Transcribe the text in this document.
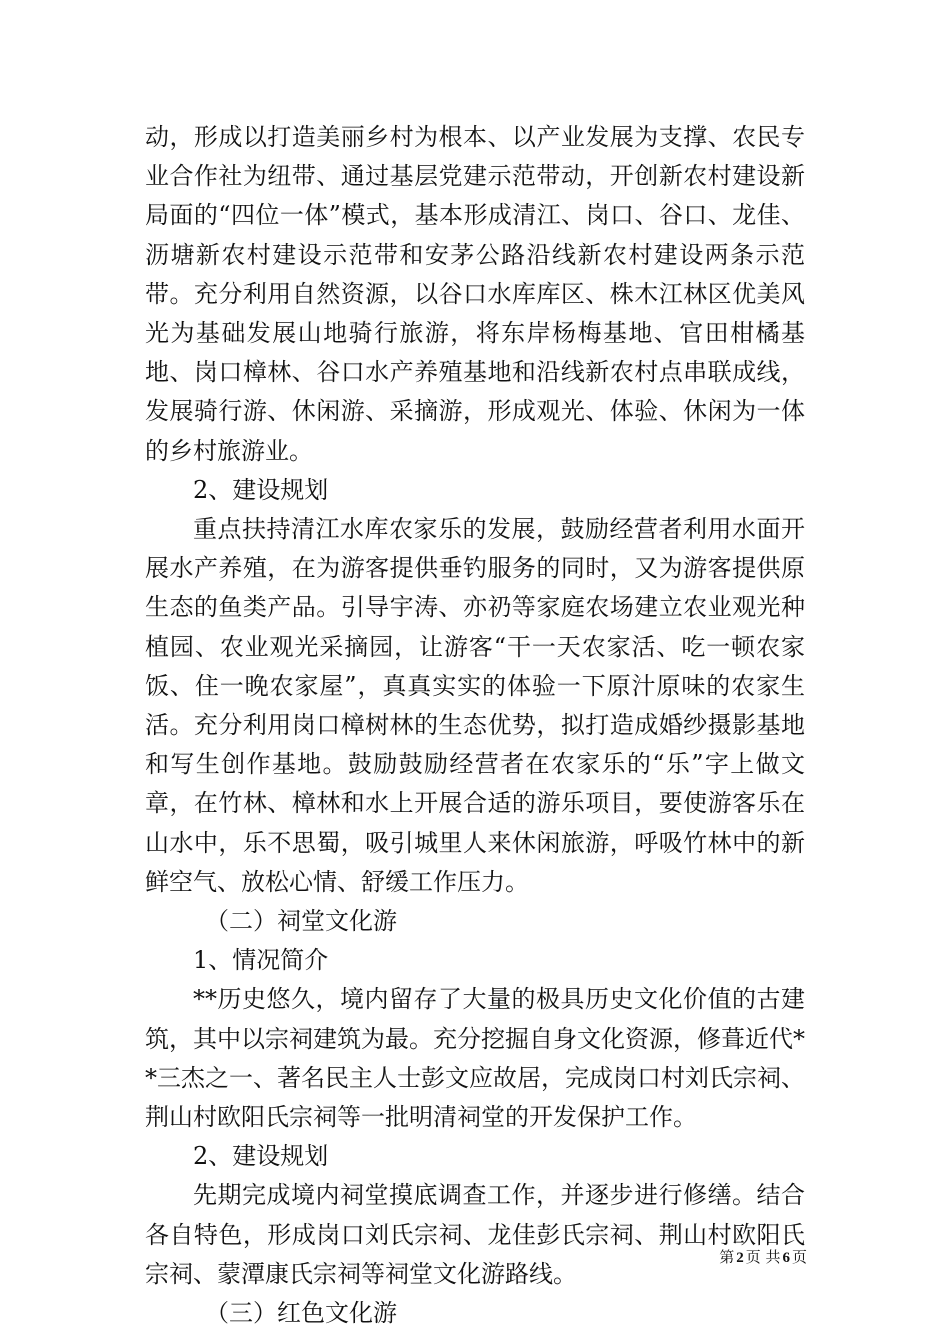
动，形成以打造美丽乡村为根本、以产业发展为支撑、农民专业合作社为纽带、通过基层党建示范带动，开创新农村建设新局面的“四位一体”模式，基本形成清江、岗口、谷口、龙佳、沥塘新农村建设示范带和安茅公路沿线新农村建设两条示范带。充分利用自然资源，以谷口水库库区、株木江林区优美风光为基础发展山地骑行旅游，将东岸杨梅基地、官田柑橘基地、岗口樟林、谷口水产养殖基地和沿线新农村点串联成线，发展骑行游、休闲游、采摘游，形成观光、体验、休闲为一体的乡村旅游业。

2、建设规划

重点扶持清江水库农家乐的发展，鼓励经营者利用水面开展水产养殖，在为游客提供垂钓服务的同时，又为游客提供原生态的鱼类产品。引导宇涛、亦礽等家庭农场建立农业观光种植园、农业观光采摘园，让游客“干一天农家活、吃一顿农家饭、住一晚农家屋”，真真实实的体验一下原汁原味的农家生活。充分利用岗口樟树林的生态优势，拟打造成婚纱摄影基地和写生创作基地。鼓励鼓励经营者在农家乐的“乐”字上做文章，在竹林、樟林和水上开展合适的游乐项目，要使游客乐在山水中，乐不思蜀，吸引城里人来休闲旅游，呼吸竹林中的新鲜空气、放松心情、舒缓工作压力。

（二）祠堂文化游

1、情况简介

**历史悠久，境内留存了大量的极具历史文化价值的古建筑，其中以宗祠建筑为最。充分挖掘自身文化资源，修葺近代**三杰之一、著名民主人士彭文应故居，完成岗口村刘氏宗祠、荆山村欧阳氏宗祠等一批明清祠堂的开发保护工作。

2、建设规划

先期完成境内祠堂摸底调查工作，并逐步进行修缮。结合各自特色，形成岗口刘氏宗祠、龙佳彭氏宗祠、荆山村欧阳氏宗祠、蒙潭康氏宗祠等祠堂文化游路线。

（三）红色文化游

第 2 页 共 6 页
